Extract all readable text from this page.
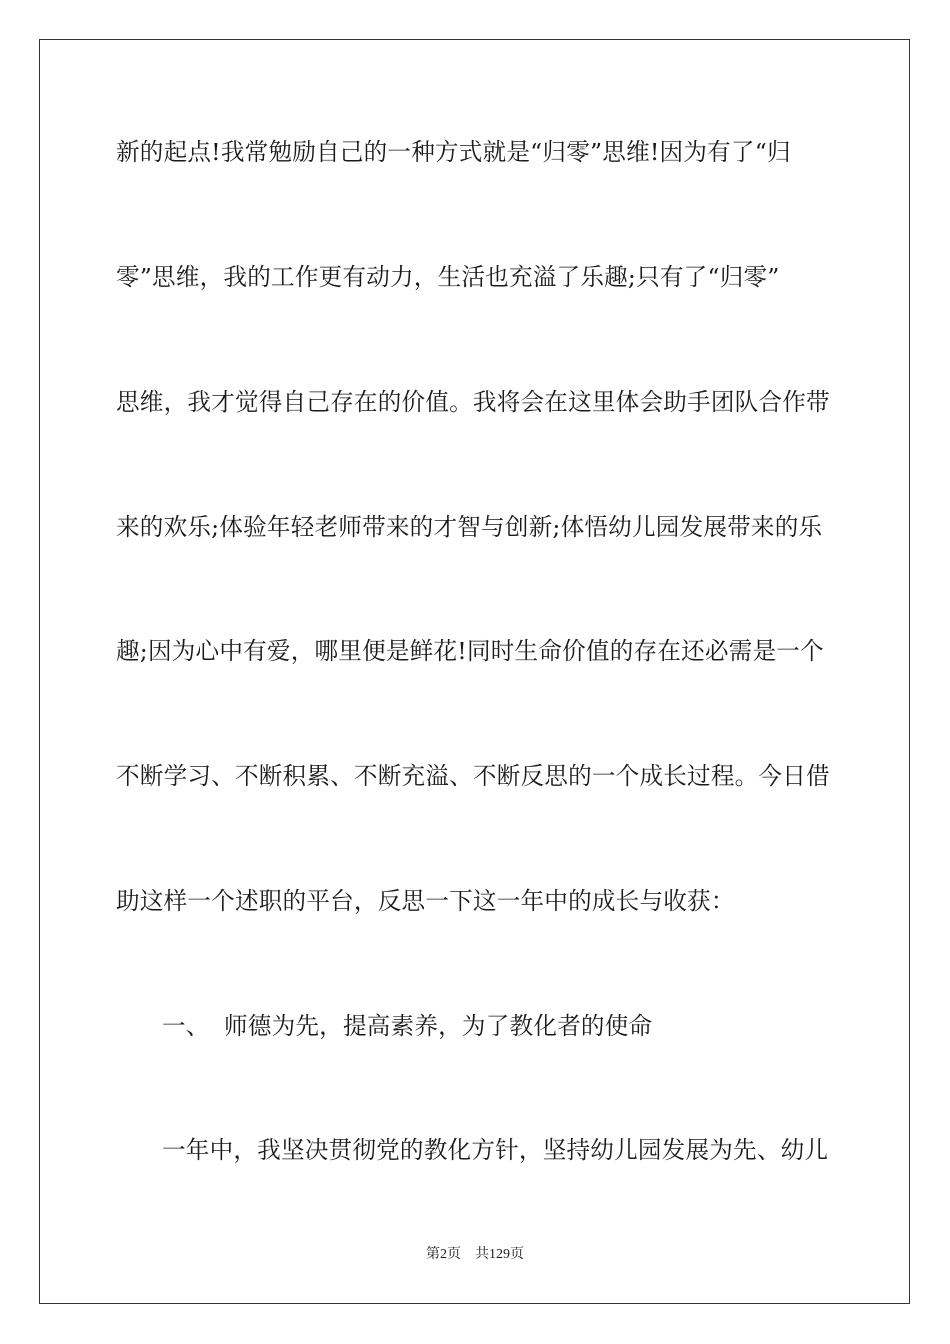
新的起点!我常勉励自己的一种方式就是“归零”思维!因为有了“归
零”思维，我的工作更有动力，生活也充溢了乐趣;只有了“归零”
思维，我才觉得自己存在的价值。我将会在这里体会助手团队合作带
来的欢乐;体验年轻老师带来的才智与创新;体悟幼儿园发展带来的乐
趣;因为心中有爱，哪里便是鲜花!同时生命价值的存在还必需是一个
不断学习、不断积累、不断充溢、不断反思的一个成长过程。今日借
助这样一个述职的平台，反思一下这一年中的成长与收获：
一、 师德为先，提高素养，为了教化者的使命
一年中，我坚决贯彻党的教化方针，坚持幼儿园发展为先、幼儿
第2页 共129页
